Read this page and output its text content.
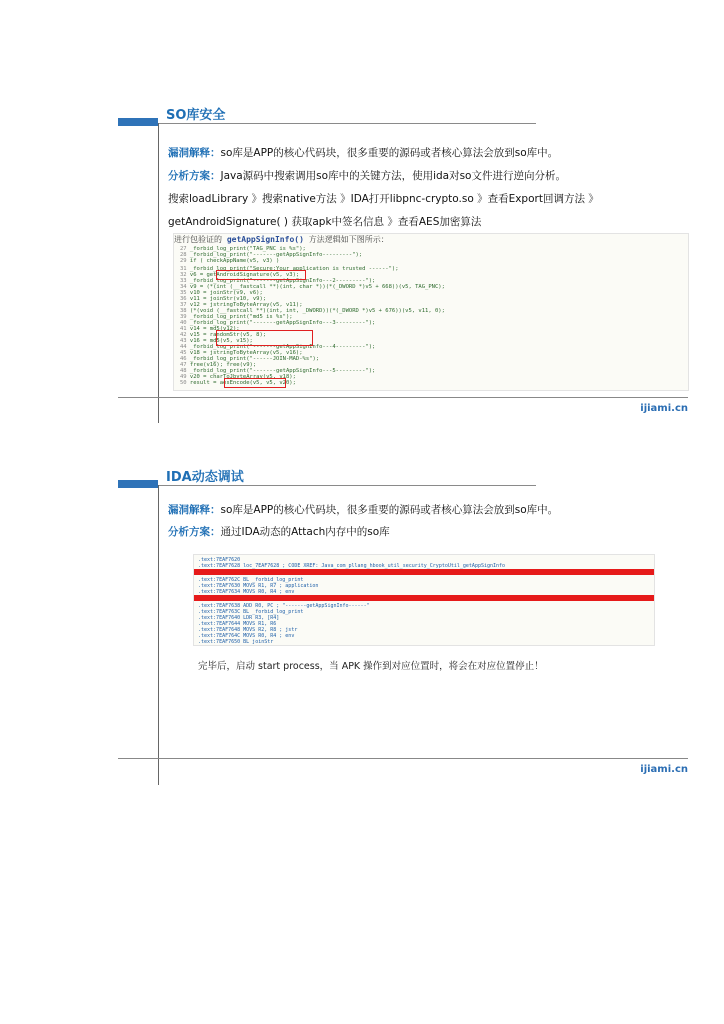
SO库安全
漏洞解释：so库是APP的核心代码块，很多重要的源码或者核心算法会放到so库中。
分析方案：Java源码中搜索调用so库中的关键方法，使用ida对so文件进行逆向分析。
搜索loadLibrary 》搜索native方法 》IDA打开libpnc-crypto.so 》查看Export回调方法 》
getAndroidSignature( ) 获取apk中签名信息 》查看AES加密算法
进行包验证的 getAppSignInfo() 方法逻辑如下图所示：
27 _forbid_log_print("TAG_PNC is %s");
28 _forbid_log_print("-------getAppSignInfo---------");
29 if ( checkAppName(v5, v3) )
31 _forbid_log_print("Secure:Your application is trusted ------");
32 v6 = getAndroidSignature(v5, v3);
33 _forbid_log_print("-------getAppSignInfo---2---------");
34 v9 = (*(int (__fastcall **)(int, char *))(*(_DWORD *)v5 + 668))(v5, TAG_PNC);
35 v10 = joinStr(v9, v6);
36 v11 = joinStr(v10, v9);
37 v12 = jstringToByteArray(v5, v11);
38 (*(void (__fastcall **)(int, int, _DWORD))(*(_DWORD *)v5 + 676))(v5, v11, 0);
39 _forbid_log_print("md5 is %s");
40 _forbid_log_print("-------getAppSignInfo---3---------");
41 v14 = md5(v12);
42 v15 = randomStr(v5, 8);
43 v16 = md5(v5, v15);
44 _forbid_log_print("-------getAppSignInfo---4---------");
45 v18 = jstringToByteArray(v5, v16);
46 _forbid_log_print("------JOIN-MAD-%s");
47 free(v16); free(v9);
48 _forbid_log_print("-------getAppSignInfo---5---------");
49 v20 = charToJbyteArray(v5, v18);
50 result = aesEncode(v5, v5, v20);
ijiami.cn
IDA动态调试
漏洞解释：so库是APP的核心代码块，很多重要的源码或者核心算法会放到so库中。
分析方案：通过IDA动态的Attach内存中的so库
.text:7EAF7620
.text:7EAF7628 loc_7EAF7628 ; CODE XREF: Java_com_pllang_hbook_util_security_CryptoUtil_getAppSignInfo
.text:7EAF762C BL _forbid_log_print
.text:7EAF7630 MOVS R1, R7 ; application
.text:7EAF7634 MOVS R0, R4 ; env
.text:7EAF7638 ADD R0, PC ; "-------getAppSignInfo------"
.text:7EAF763C BL _forbid_log_print
.text:7EAF7640 LDR R3, [R4]
.text:7EAF7644 MOVS R1, R6
.text:7EAF7648 MOVS R2, R8 ; jstr
.text:7EAF764C MOVS R0, R4 ; env
.text:7EAF7650 BL joinStr
完毕后，启动 start process，当 APK 操作到对应位置时，将会在对应位置停止！
ijiami.cn
